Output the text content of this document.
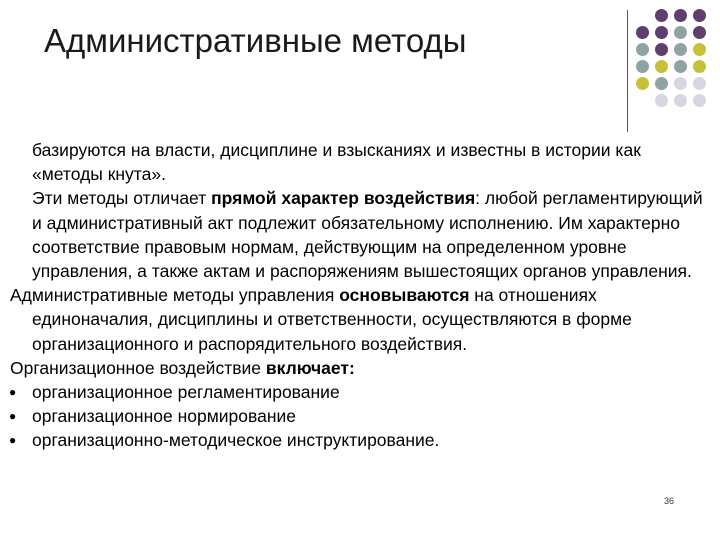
Административные методы

базируются на власти, дисциплине и взысканиях и известны в истории как «методы кнута».

Эти методы отличает прямой характер воздействия: любой регламентирующий и административный акт подлежит обязательному исполнению. Им характерно соответствие правовым нормам, действующим на определенном уровне управления, а также актам и распоряжениям вышестоящих органов управления.

Административные методы управления основываются на отношениях единоначалия, дисциплины и ответственности, осуществляются в форме организационного и распорядительного воздействия.

Организационное воздействие включает:

● организационное регламентирование

● организационное нормирование

● организационно-методическое инструктирование.

36
